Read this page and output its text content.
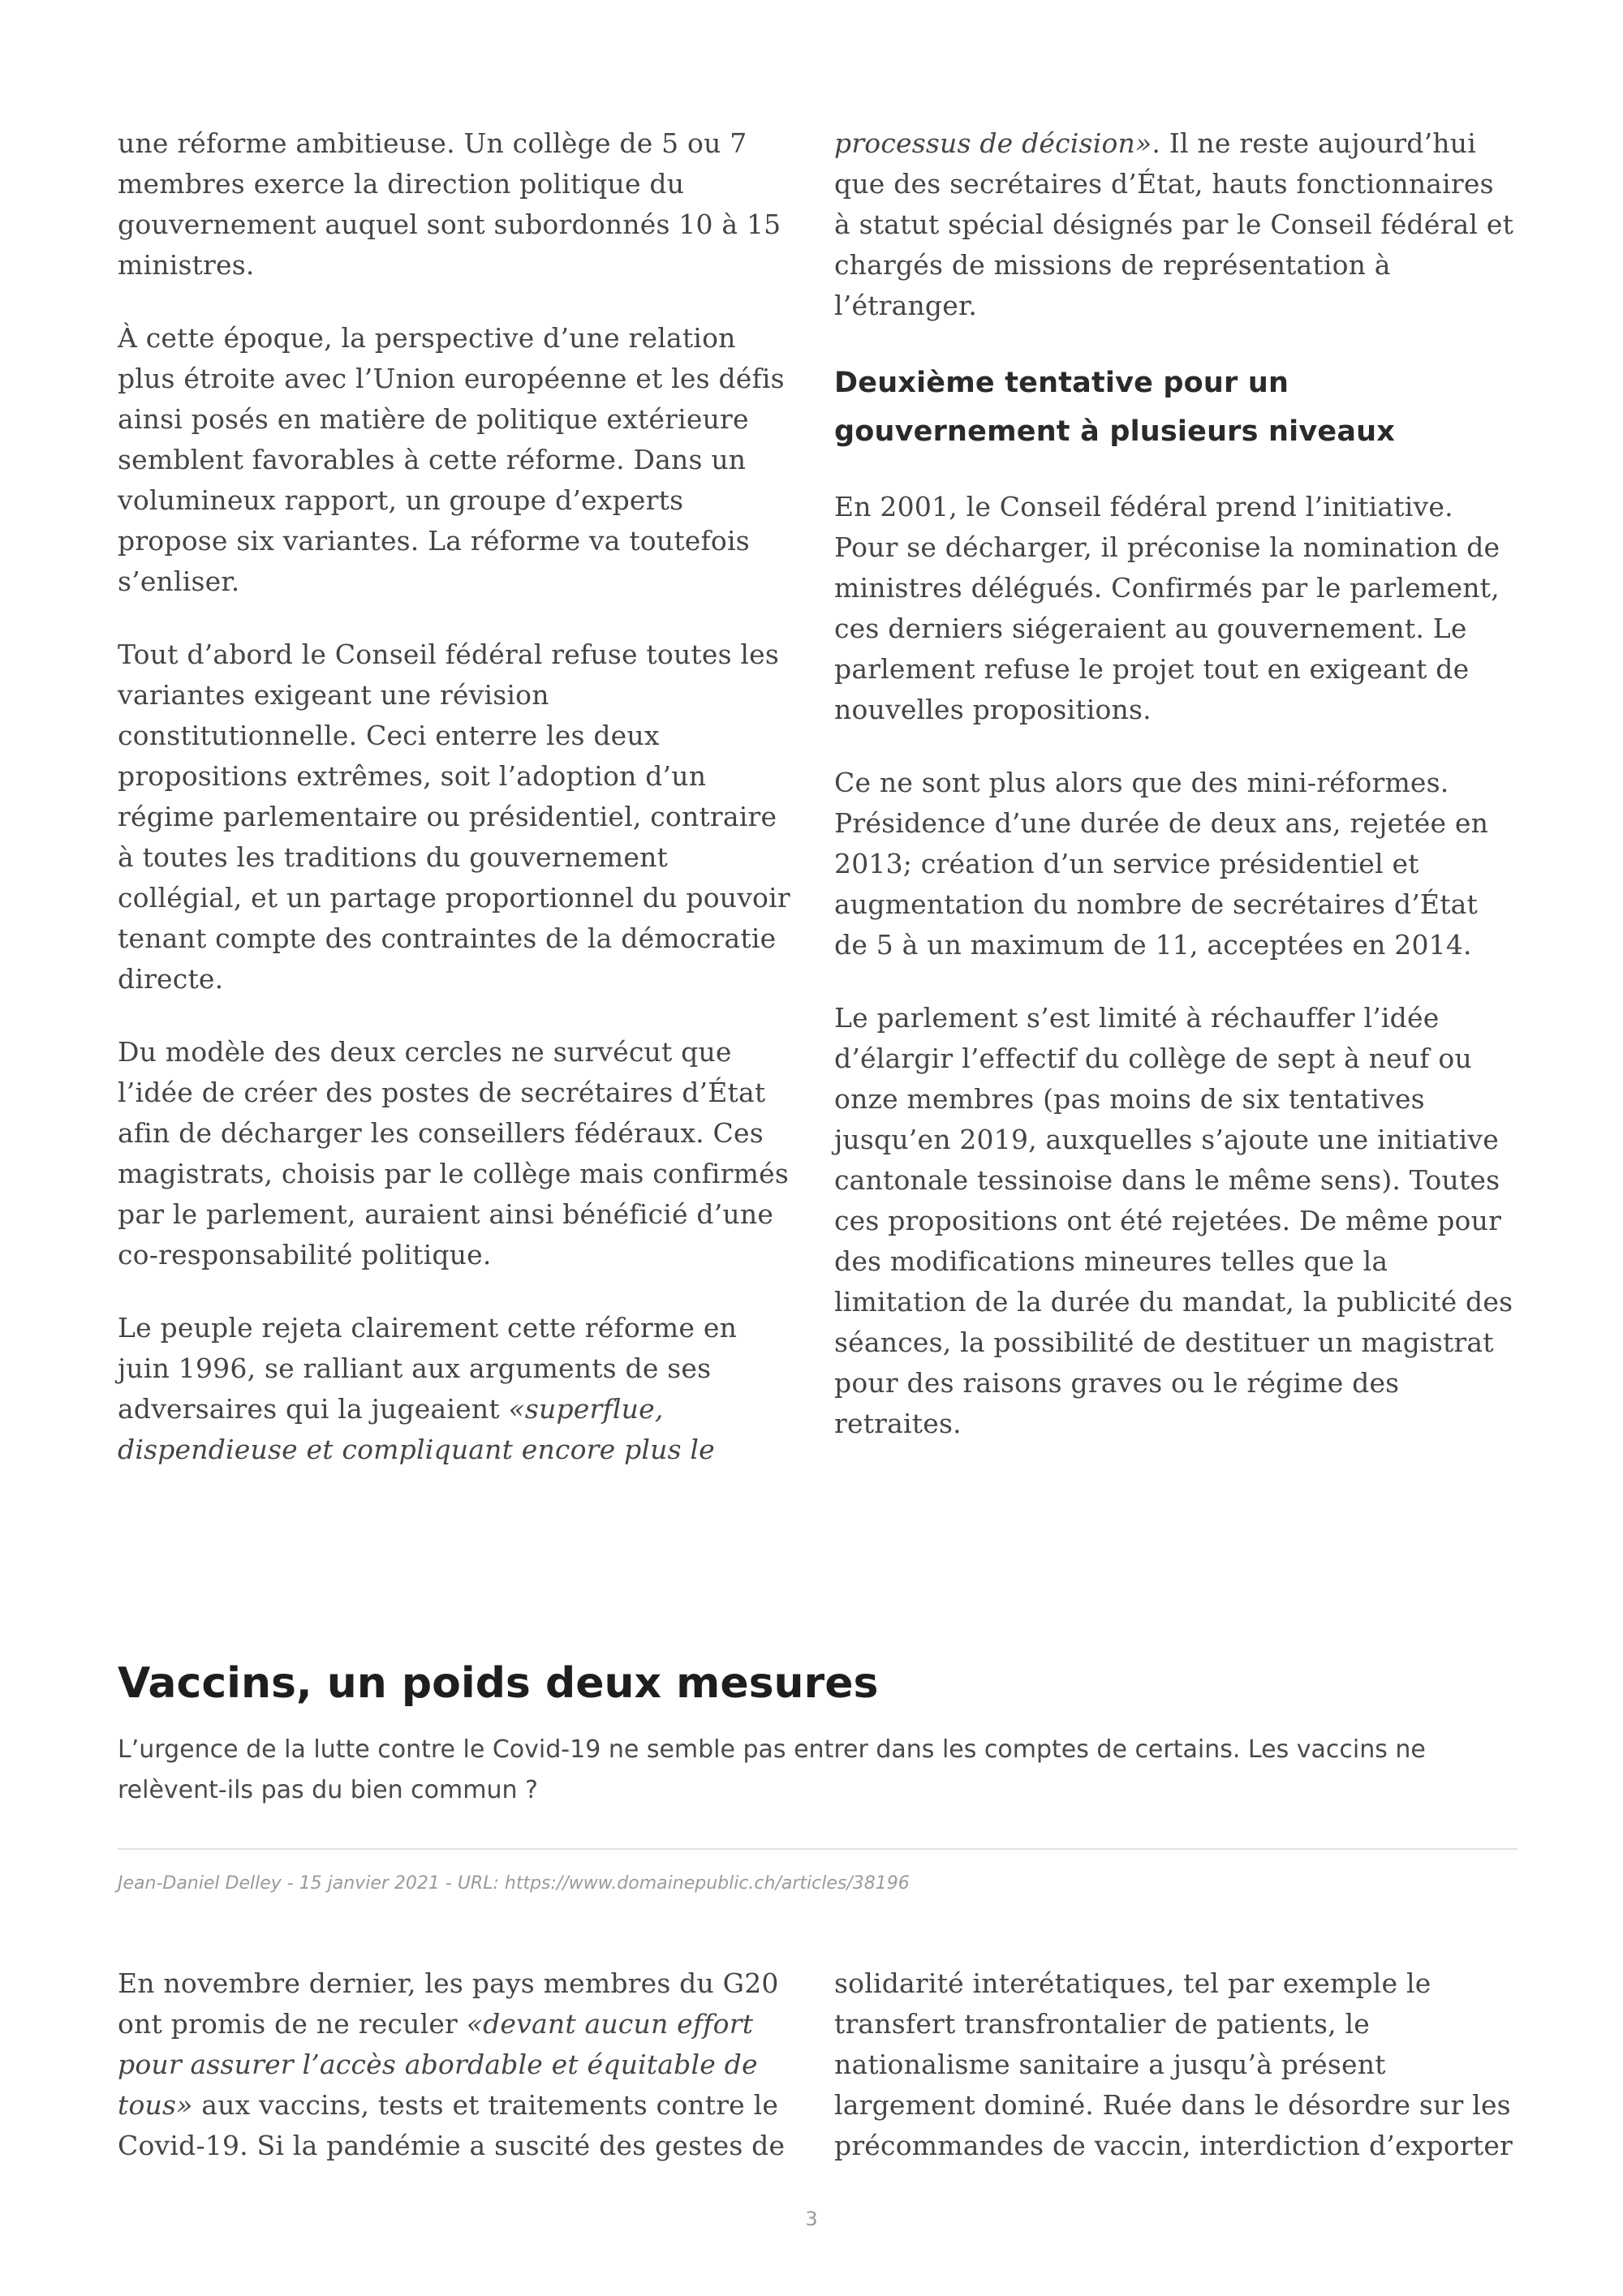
une réforme ambitieuse. Un collège de 5 ou 7 membres exerce la direction politique du gouvernement auquel sont subordonnés 10 à 15 ministres.

À cette époque, la perspective d’une relation plus étroite avec l’Union européenne et les défis ainsi posés en matière de politique extérieure semblent favorables à cette réforme. Dans un volumineux rapport, un groupe d’experts propose six variantes. La réforme va toutefois s’enliser.

Tout d’abord le Conseil fédéral refuse toutes les variantes exigeant une révision constitutionnelle. Ceci enterre les deux propositions extrêmes, soit l’adoption d’un régime parlementaire ou présidentiel, contraire à toutes les traditions du gouvernement collégial, et un partage proportionnel du pouvoir tenant compte des contraintes de la démocratie directe.

Du modèle des deux cercles ne survécut que l’idée de créer des postes de secrétaires d’État afin de décharger les conseillers fédéraux. Ces magistrats, choisis par le collège mais confirmés par le parlement, auraient ainsi bénéficié d’une co-responsabilité politique.

Le peuple rejeta clairement cette réforme en juin 1996, se ralliant aux arguments de ses adversaires qui la jugeaient «superflue, dispendieuse et compliquant encore plus le

processus de décision». Il ne reste aujourd’hui que des secrétaires d’État, hauts fonctionnaires à statut spécial désignés par le Conseil fédéral et chargés de missions de représentation à l’étranger.

Deuxième tentative pour un gouvernement à plusieurs niveaux

En 2001, le Conseil fédéral prend l’initiative. Pour se décharger, il préconise la nomination de ministres délégués. Confirmés par le parlement, ces derniers siégeraient au gouvernement. Le parlement refuse le projet tout en exigeant de nouvelles propositions.

Ce ne sont plus alors que des mini-réformes. Présidence d’une durée de deux ans, rejetée en 2013; création d’un service présidentiel et augmentation du nombre de secrétaires d’État de 5 à un maximum de 11, acceptées en 2014.

Le parlement s’est limité à réchauffer l’idée d’élargir l’effectif du collège de sept à neuf ou onze membres (pas moins de six tentatives jusqu’en 2019, auxquelles s’ajoute une initiative cantonale tessinoise dans le même sens). Toutes ces propositions ont été rejetées. De même pour des modifications mineures telles que la limitation de la durée du mandat, la publicité des séances, la possibilité de destituer un magistrat pour des raisons graves ou le régime des retraites.

Vaccins, un poids deux mesures

L’urgence de la lutte contre le Covid-19 ne semble pas entrer dans les comptes de certains. Les vaccins ne relèvent-ils pas du bien commun ?

Jean-Daniel Delley - 15 janvier 2021 - URL: https://www.domainepublic.ch/articles/38196

En novembre dernier, les pays membres du G20 ont promis de ne reculer «devant aucun effort pour assurer l’accès abordable et équitable de tous» aux vaccins, tests et traitements contre le Covid-19. Si la pandémie a suscité des gestes de

solidarité interétatiques, tel par exemple le transfert transfrontalier de patients, le nationalisme sanitaire a jusqu’à présent largement dominé. Ruée dans le désordre sur les précommandes de vaccin, interdiction d’exporter

3
